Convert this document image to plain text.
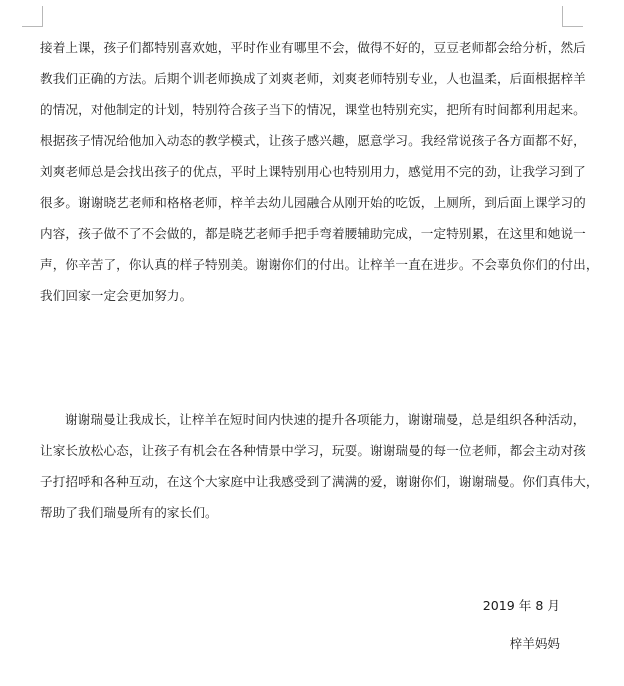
接着上课，孩子们都特别喜欢她，平时作业有哪里不会，做得不好的，豆豆老师都会给分析，然后
教我们正确的方法。后期个训老师换成了刘爽老师，刘爽老师特别专业，人也温柔，后面根据梓羊
的情况，对他制定的计划，特别符合孩子当下的情况，课堂也特别充实，把所有时间都利用起来。
根据孩子情况给他加入动态的教学模式，让孩子感兴趣，愿意学习。我经常说孩子各方面都不好，
刘爽老师总是会找出孩子的优点，平时上课特别用心也特别用力，感觉用不完的劲，让我学习到了
很多。谢谢晓艺老师和格格老师，梓羊去幼儿园融合从刚开始的吃饭，上厕所，到后面上课学习的
内容，孩子做不了不会做的，都是晓艺老师手把手弯着腰辅助完成，一定特别累，在这里和她说一
声，你辛苦了，你认真的样子特别美。谢谢你们的付出。让梓羊一直在进步。不会辜负你们的付出，
我们回家一定会更加努力。
谢谢瑞曼让我成长，让梓羊在短时间内快速的提升各项能力，谢谢瑞曼，总是组织各种活动，
让家长放松心态，让孩子有机会在各种情景中学习，玩耍。谢谢瑞曼的每一位老师，都会主动对孩
子打招呼和各种互动，在这个大家庭中让我感受到了满满的爱，谢谢你们，谢谢瑞曼。你们真伟大，
帮助了我们瑞曼所有的家长们。
2019 年 8 月
梓羊妈妈
